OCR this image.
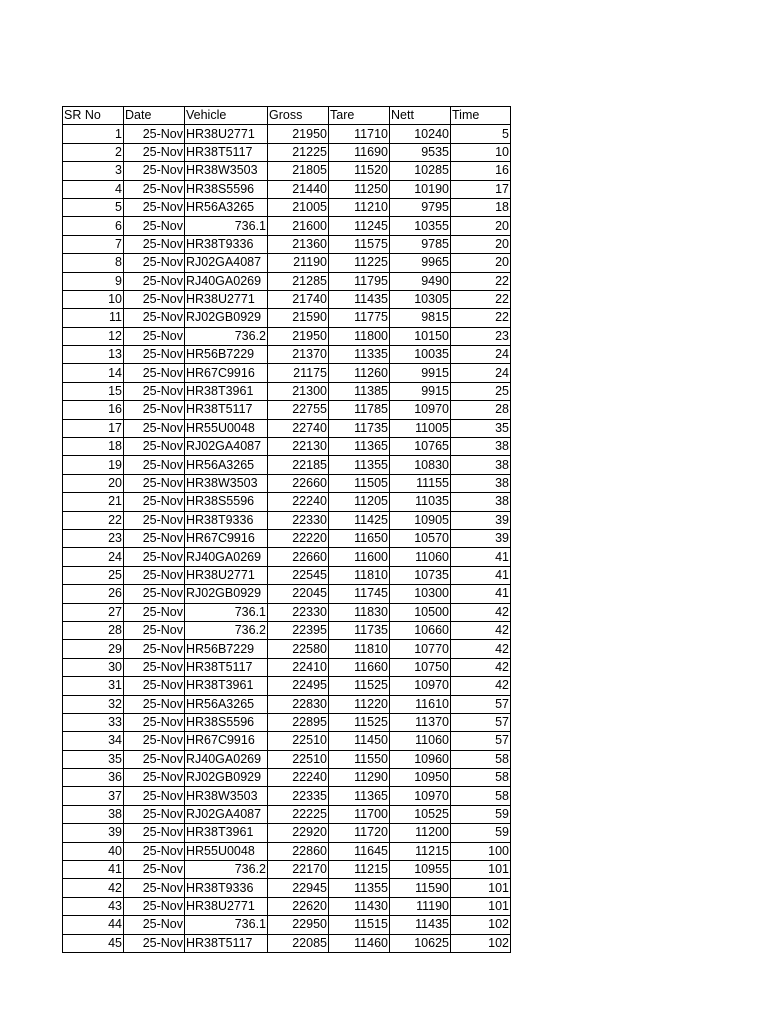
SR No	Date	Vehicle	Gross	Tare	Nett	Time
1	25-Nov	HR38U2771	21950	11710	10240	5
2	25-Nov	HR38T5117	21225	11690	9535	10
3	25-Nov	HR38W3503	21805	11520	10285	16
4	25-Nov	HR38S5596	21440	11250	10190	17
5	25-Nov	HR56A3265	21005	11210	9795	18
6	25-Nov	736.1	21600	11245	10355	20
7	25-Nov	HR38T9336	21360	11575	9785	20
8	25-Nov	RJ02GA4087	21190	11225	9965	20
9	25-Nov	RJ40GA0269	21285	11795	9490	22
10	25-Nov	HR38U2771	21740	11435	10305	22
11	25-Nov	RJ02GB0929	21590	11775	9815	22
12	25-Nov	736.2	21950	11800	10150	23
13	25-Nov	HR56B7229	21370	11335	10035	24
14	25-Nov	HR67C9916	21175	11260	9915	24
15	25-Nov	HR38T3961	21300	11385	9915	25
16	25-Nov	HR38T5117	22755	11785	10970	28
17	25-Nov	HR55U0048	22740	11735	11005	35
18	25-Nov	RJ02GA4087	22130	11365	10765	38
19	25-Nov	HR56A3265	22185	11355	10830	38
20	25-Nov	HR38W3503	22660	11505	11155	38
21	25-Nov	HR38S5596	22240	11205	11035	38
22	25-Nov	HR38T9336	22330	11425	10905	39
23	25-Nov	HR67C9916	22220	11650	10570	39
24	25-Nov	RJ40GA0269	22660	11600	11060	41
25	25-Nov	HR38U2771	22545	11810	10735	41
26	25-Nov	RJ02GB0929	22045	11745	10300	41
27	25-Nov	736.1	22330	11830	10500	42
28	25-Nov	736.2	22395	11735	10660	42
29	25-Nov	HR56B7229	22580	11810	10770	42
30	25-Nov	HR38T5117	22410	11660	10750	42
31	25-Nov	HR38T3961	22495	11525	10970	42
32	25-Nov	HR56A3265	22830	11220	11610	57
33	25-Nov	HR38S5596	22895	11525	11370	57
34	25-Nov	HR67C9916	22510	11450	11060	57
35	25-Nov	RJ40GA0269	22510	11550	10960	58
36	25-Nov	RJ02GB0929	22240	11290	10950	58
37	25-Nov	HR38W3503	22335	11365	10970	58
38	25-Nov	RJ02GA4087	22225	11700	10525	59
39	25-Nov	HR38T3961	22920	11720	11200	59
40	25-Nov	HR55U0048	22860	11645	11215	100
41	25-Nov	736.2	22170	11215	10955	101
42	25-Nov	HR38T9336	22945	11355	11590	101
43	25-Nov	HR38U2771	22620	11430	11190	101
44	25-Nov	736.1	22950	11515	11435	102
45	25-Nov	HR38T5117	22085	11460	10625	102
